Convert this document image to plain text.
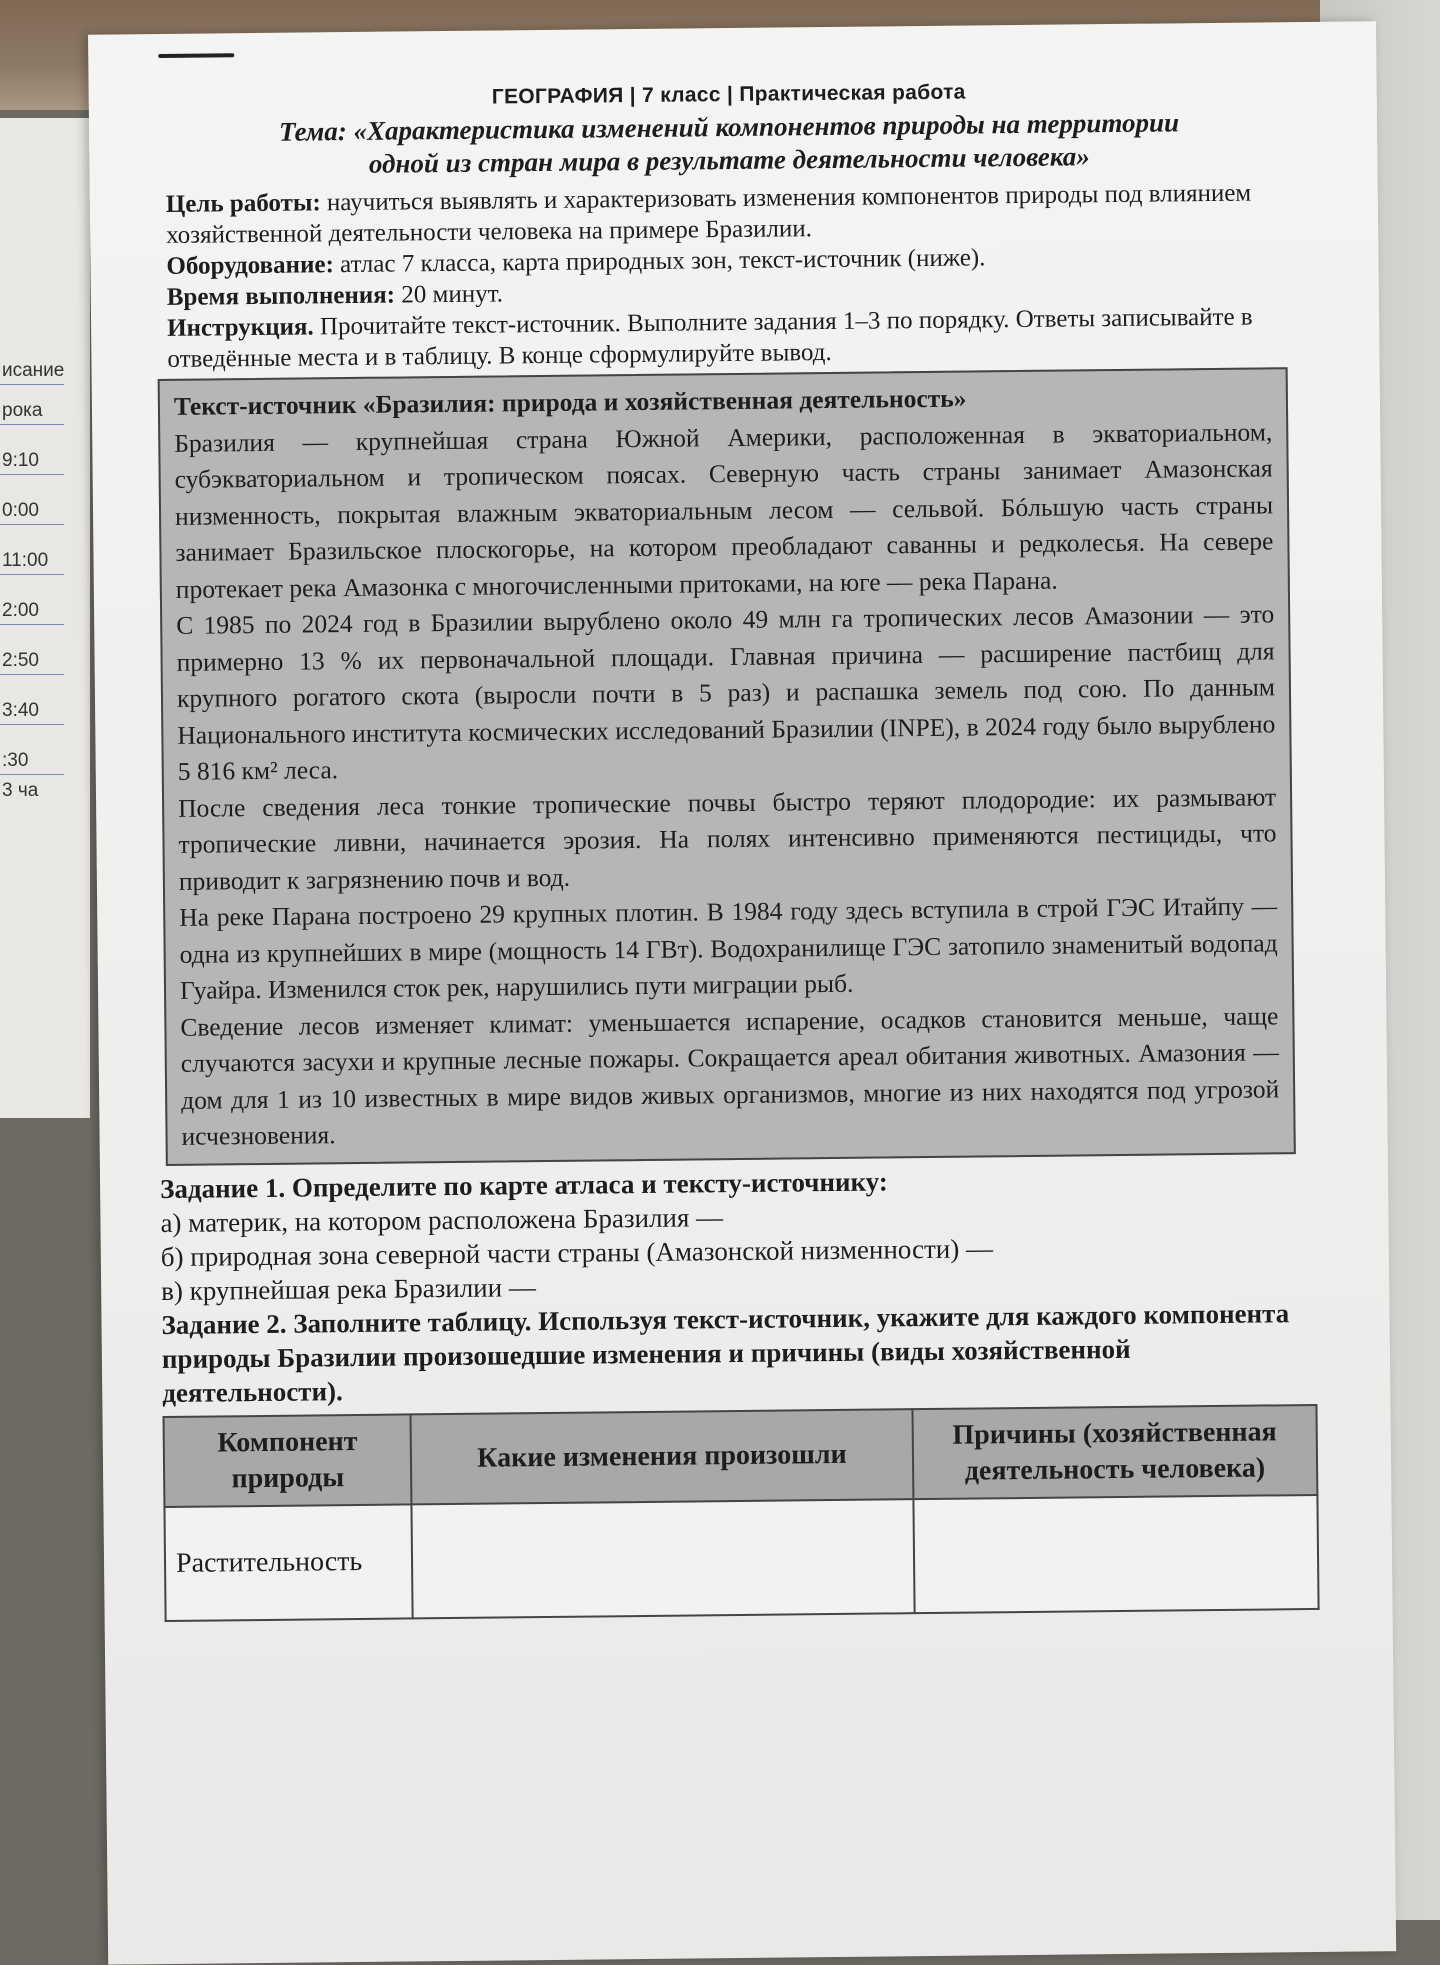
исание
рока
9:10
0:00
11:00
2:00
2:50
3:40
:30
3 ча
ГЕОГРАФИЯ | 7 класс | Практическая работа
Тема: «Характеристика изменений компонентов природы на территории
одной из стран мира в результате деятельности человека»

Цель работы: научиться выявлять и характеризовать изменения компонентов природы под влиянием хозяйственной деятельности человека на примере Бразилии.

Оборудование: атлас 7 класса, карта природных зон, текст-источник (ниже).

Время выполнения: 20 минут.

Инструкция. Прочитайте текст-источник. Выполните задания 1–3 по порядку. Ответы записывайте в отведённые места и в таблицу. В конце сформулируйте вывод.

Текст-источник «Бразилия: природа и хозяйственная деятельность»

Бразилия — крупнейшая страна Южной Америки, расположенная в экваториальном, субэкваториальном и тропическом поясах. Северную часть страны занимает Амазонская низменность, покрытая влажным экваториальным лесом — сельвой. Бóльшую часть страны занимает Бразильское плоскогорье, на котором преобладают саванны и редколесья. На севере протекает река Амазонка с многочисленными притоками, на юге — река Парана.

С 1985 по 2024 год в Бразилии вырублено около 49 млн га тропических лесов Амазонии — это примерно 13 % их первоначальной площади. Главная причина — расширение пастбищ для крупного рогатого скота (выросли почти в 5 раз) и распашка земель под сою. По данным Национального института космических исследований Бразилии (INPE), в 2024 году было вырублено 5 816 км² леса.

После сведения леса тонкие тропические почвы быстро теряют плодородие: их размывают тропические ливни, начинается эрозия. На полях интенсивно применяются пестициды, что приводит к загрязнению почв и вод.

На реке Парана построено 29 крупных плотин. В 1984 году здесь вступила в строй ГЭС Итайпу — одна из крупнейших в мире (мощность 14 ГВт). Водохранилище ГЭС затопило знаменитый водопад Гуайра. Изменился сток рек, нарушились пути миграции рыб.

Сведение лесов изменяет климат: уменьшается испарение, осадков становится меньше, чаще случаются засухи и крупные лесные пожары. Сокращается ареал обитания животных. Амазония — дом для 1 из 10 известных в мире видов живых организмов, многие из них находятся под угрозой исчезновения.

Задание 1. Определите по карте атласа и тексту-источнику:

а) материк, на котором расположена Бразилия —

б) природная зона северной части страны (Амазонской низменности) —

в) крупнейшая река Бразилии —

Задание 2. Заполните таблицу. Используя текст-источник, укажите для каждого компонента природы Бразилии произошедшие изменения и причины (виды хозяйственной деятельности).

Компонент природы	Какие изменения произошли	Причины (хозяйственная деятельность человека)
Растительность		
